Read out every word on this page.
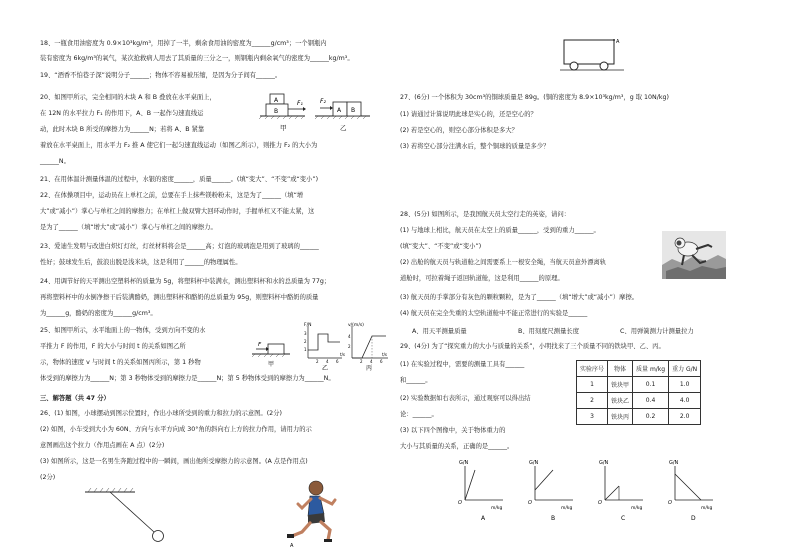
18、一瓶食用油密度为 0.9×10³kg/m³，用掉了一半，剩余食用油的密度为______g/cm³；一个钢瓶内
装有密度为 6kg/m³的氧气，某次抢救病人用去了其质量的三分之一，则钢瓶内剩余氧气的密度为______kg/m³。
19、“酒香不怕巷子深”说明分子______；物体不容易被压缩，是因为分子间有______。
20、如图甲所示，完全相同的木块 A 和 B 叠放在水平桌面上，
在 12N 的水平拉力 F₁ 的作用下，A、B 一起作匀速直线运
动，此时木块 B 所受的摩擦力为______N；若将 A、B 紧靠
着放在水平桌面上，用水平力 F₂ 推 A 使它们一起匀速直线运动（如图乙所示），则推力 F₂ 的大小为
______N。
A
B
F₁	F₂
A B
甲	乙
21、在用体温计测量体温的过程中，水银的密度______，质量______。(填“变大”、“不变”或“变小”)
22、在体操项目中，运动员在上单杠之前，总要在手上抹些镁粉粉末，这是为了______（填“增
大”或“减小”）掌心与单杠之间的摩擦力；在单杠上做双臂大回环动作时，手握单杠又不能太紧，这
是为了______（填“增大”或“减小”）掌心与单杠之间的摩擦力。
23、爱迪生发明与改进白炽灯灯丝，灯丝材料将会是______高；灯泡的玻璃泡是用到了玻璃的______
性好；鼓球发生后，鼓浪出脱是浅米块，这是利用了______的物理属性。
24、用调节好的天平测出空塑料杯的质量为 5g，将塑料杯中装满水，测出塑料杯和水的总质量为 77g；
再将塑料杯中的水倒净擦干后装满酪奶，测出塑料杯和酪奶的总质量为 95g，则塑料杯中酪奶的质量
为______g，酪奶的密度为______g/cm³。
25、如图甲所示，水平地面上的一物体，受到方向不变的水
平推力 F 的作用，F 的大小与时间 t 的关系如图乙所
示，物体的速度 v 与时间 t 的关系如图丙所示，第 1 秒物
体受到的摩擦力为______N；第 3 秒物体受到的摩擦力是______N；第 5 秒物体受到的摩擦力为______N。
F
甲
F/N
3
2
1
2 4 6
t/s
乙
v/(m/s)
4
2
2 4 6
t/s
丙
三、解答题（共 47 分）
26、(1) 如图，小球摆动到图示位置时，作出小球所受到的重力和拉力的示意图。(2分)
(2) 如图，小车受到大小为 60N、方向与水平方向成 30°角的斜向右上方的拉力作用，请用力的示
意图画出这个拉力（作用点画在 A 点）(2分)
(3) 如图所示，这是一名男生奔跑过程中的一瞬间，画出他所受摩擦力的示意图。(A 点是作用点)
(2分)
A
A
27、(6分) 一个体积为 30cm³的铜球质量是 89g。(铜的密度为 8.9×10³kg/m³，g 取 10N/kg)
(1) 请通过计算说明此球是实心的，还是空心的？
(2) 若是空心的，则空心部分体积是多大？
(3) 若将空心部分注满水后，整个铜球的质量是多少？
28、(5分) 如图所示，是我国航天员太空行走的英姿，请问：
(1) 与地球上相比，航天员在太空上的质量______，受到的重力______。
(填“变大”、“不变”或“变小”)
(2) 出舱的航天员与轨道舱之间需要系上一根安全绳，当航天员意外漂离轨
道舱时，可拉着绳子返回轨道舱，这是利用______的原理。
(3) 航天员的手掌部分有灰色的颗粒颗粒，是为了______（填“增大”或“减小”）摩擦。
(4) 航天员在完全失重的太空轨道舱中不能正常进行的实验是______
A、用天平测量质量	B、用刻度尺测量长度	C、用弹簧测力计测量拉力
29、(4分) 为了“探究重力的大小与质量的关系”，小明找来了三个质量不同的铁块甲、乙、丙。
(1) 在实验过程中，需要的测量工具有______
和______。
(2) 实验数据如右表所示，通过观察可以得出结
论：______。
(3) 以下四个图像中，关于物体重力的
大小与其质量的关系，正确的是______。
实验序号	物体	质量 m/kg	重力 G/N
1	铁块甲	0.1	1.0
2	铁块乙	0.4	4.0
3	铁块丙	0.2	2.0
G/N
O
m/kg
A
G/N
O
m/kg
B
G/N
O
m/kg
C
G/N
O
m/kg
D
